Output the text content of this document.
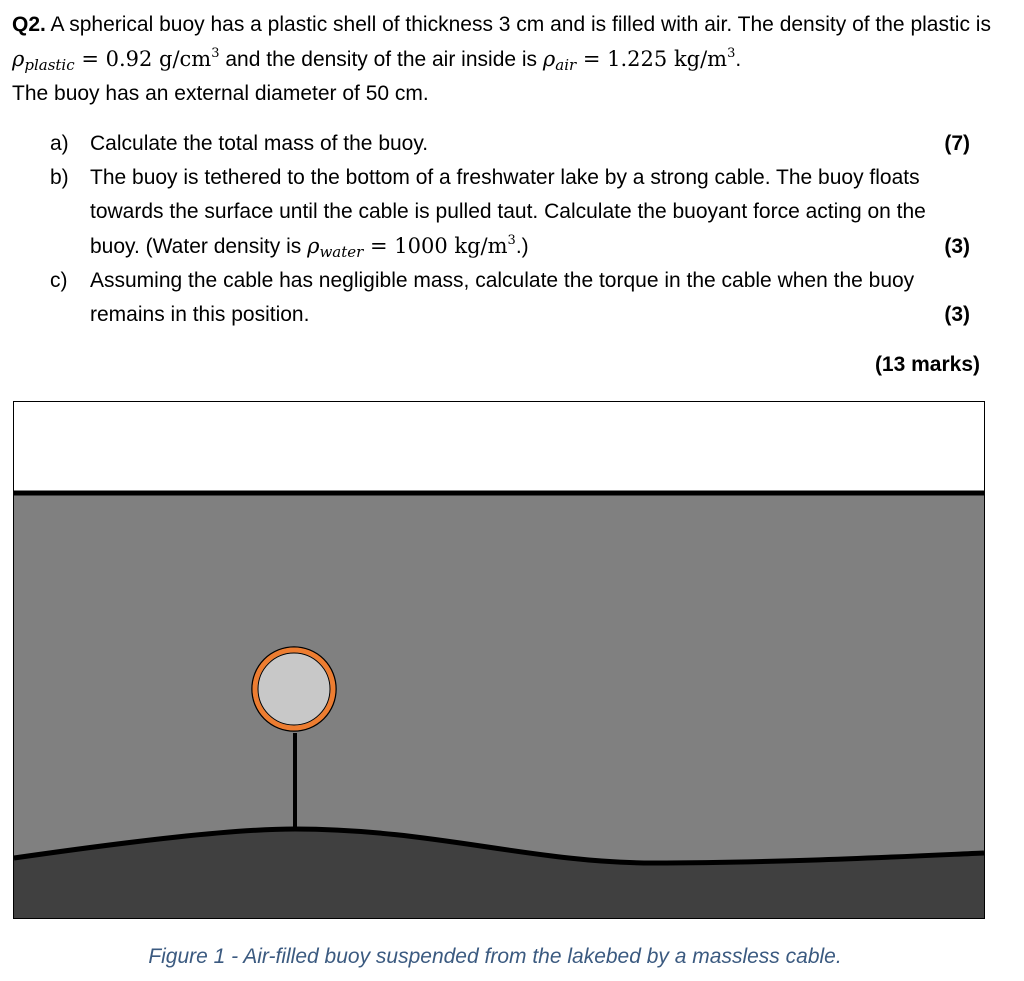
Q2. A spherical buoy has a plastic shell of thickness 3 cm and is filled with air. The density of the plastic is $\rho_{plastic} = 0.92$ $g/cm^3$ and the density of the air inside is $\rho_{air} = 1.225$ $kg/m^3$.
The buoy has an external diameter of 50 cm.
a) Calculate the total mass of the buoy.	(7)
b) The buoy is tethered to the bottom of a freshwater lake by a strong cable. The buoy floats towards the surface until the cable is pulled taut. Calculate the buoyant force acting on the buoy. (Water density is $\rho_{water} = 1000$ $kg/m^3$.)	(3)
c) Assuming the cable has negligible mass, calculate the torque in the cable when the buoy remains in this position.	(3)
(13 marks)
Figure 1 - Air-filled buoy suspended from the lakebed by a massless cable.
